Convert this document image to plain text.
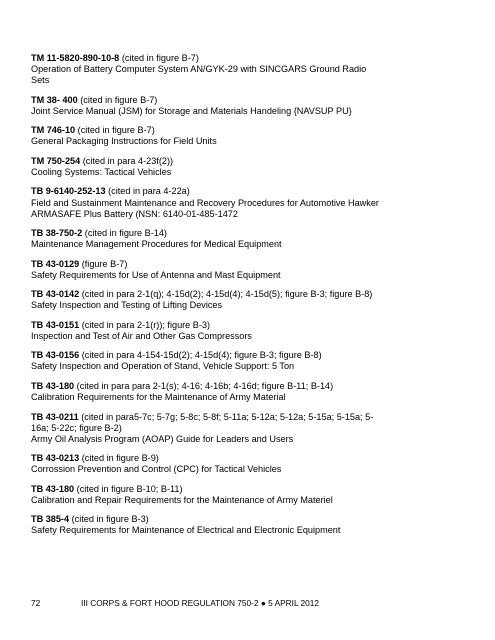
TM 11-5820-890-10-8 (cited in figure B-7)
Operation of Battery Computer System AN/GYK-29 with SINCGARS Ground Radio
Sets
TM 38- 400 (cited in figure B-7)
Joint Service Manual (JSM) for Storage and Materials Handeling {NAVSUP PU}
TM 746-10 (cited in figure B-7)
General Packaging Instructions for Field Units
TM 750-254 (cited in para 4-23f(2))
Cooling Systems: Tactical Vehicles
TB 9-6140-252-13 (cited in para 4-22a)
Field and Sustainment Maintenance and Recovery Procedures for Automotive Hawker
ARMASAFE Plus Battery (NSN: 6140-01-485-1472
TB 38-750-2 (cited in figure B-14)
Maintenance Management Procedures for Medical Equipment
TB 43-0129 (figure B-7)
Safety Requirements for Use of Antenna and Mast Equipment
TB 43-0142 (cited in para 2-1(q); 4-15d(2); 4-15d(4); 4-15d(5); figure B-3; figure B-8)
Safety Inspection and Testing of Lifting Devices
TB 43-0151 (cited in para 2-1(r)); figure B-3)
Inspection and Test of Air and Other Gas Compressors
TB 43-0156 (cited in para 4-154-15d(2); 4-15d(4); figure B-3; figure B-8)
Safety Inspection and Operation of Stand, Vehicle Support: 5 Ton
TB 43-180 (cited in para para 2-1(s); 4-16; 4-16b; 4-16d; figure B-11; B-14)
Calibration Requirements for the Maintenance of Army Material
TB 43-0211 (cited in para5-7c; 5-7g; 5-8c; 5-8f; 5-11a; 5-12a; 5-12a; 5-15a; 5-15a; 5-
16a; 5-22c; figure B-2)
Army Oil Analysis Program (AOAP) Guide for Leaders and Users
TB 43-0213 (cited in figure B-9)
Corrossion Prevention and Control (CPC) for Tactical Vehicles
TB 43-180 (cited in figure B-10; B-11)
Calibration and Repair Requirements for the Maintenance of Army Materiel
TB 385-4 (cited in figure B-3)
Safety Requirements for Maintenance of Electrical and Electronic Equipment
72	III CORPS & FORT HOOD REGULATION 750-2 ● 5 APRIL 2012
